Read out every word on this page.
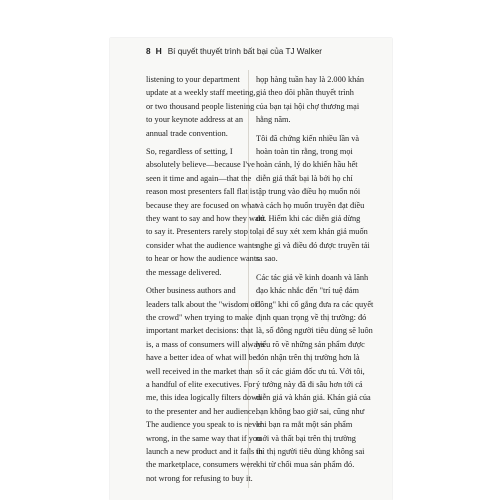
8 H Bí quyết thuyết trình bất bại của TJ Walker

listening to your department
update at a weekly staff meeting,
or two thousand people listening
to your keynote address at an
annual trade convention.

So, regardless of setting, I
absolutely believe—because I've
seen it time and again—that the
reason most presenters fall flat is
because they are focused on what
they want to say and how they want
to say it. Presenters rarely stop to
consider what the audience wants
to hear or how the audience wants
the message delivered.

Other business authors and
leaders talk about the "wisdom of
the crowd" when trying to make
important market decisions: that
is, a mass of consumers will always
have a better idea of what will be
well received in the market than
a handful of elite executives. For
me, this idea logically filters down
to the presenter and her audience.
The audience you speak to is never
wrong, in the same way that if you
launch a new product and it fails in
the marketplace, consumers were
not wrong for refusing to buy it.

họp hàng tuần hay là 2.000 khán
giả theo dõi phần thuyết trình
của bạn tại hội chợ thương mại
hằng năm.

Tôi đã chứng kiến nhiều lần và
hoàn toàn tin rằng, trong mọi
hoàn cảnh, lý do khiến hầu hết
diễn giả thất bại là bởi họ chỉ
tập trung vào điều họ muốn nói
và cách họ muốn truyền đạt điều
đó. Hiếm khi các diễn giả dừng
lại để suy xét xem khán giả muốn
nghe gì và điều đó được truyền tải
ra sao.

Các tác giả về kinh doanh và lãnh
đạo khác nhắc đến "trí tuệ đám
đông" khi cố gắng đưa ra các quyết
định quan trọng về thị trường: đó
là, số đông người tiêu dùng sẽ luôn
hiểu rõ về những sản phẩm được
đón nhận trên thị trường hơn là
số ít các giám đốc ưu tú. Với tôi,
ý tưởng này đã đi sâu hơn tới cả
diễn giả và khán giả. Khán giả của
bạn không bao giờ sai, cũng như
khi bạn ra mắt một sản phẩm
mới và thất bại trên thị trường
thì thị người tiêu dùng không sai
khi từ chối mua sản phẩm đó.
